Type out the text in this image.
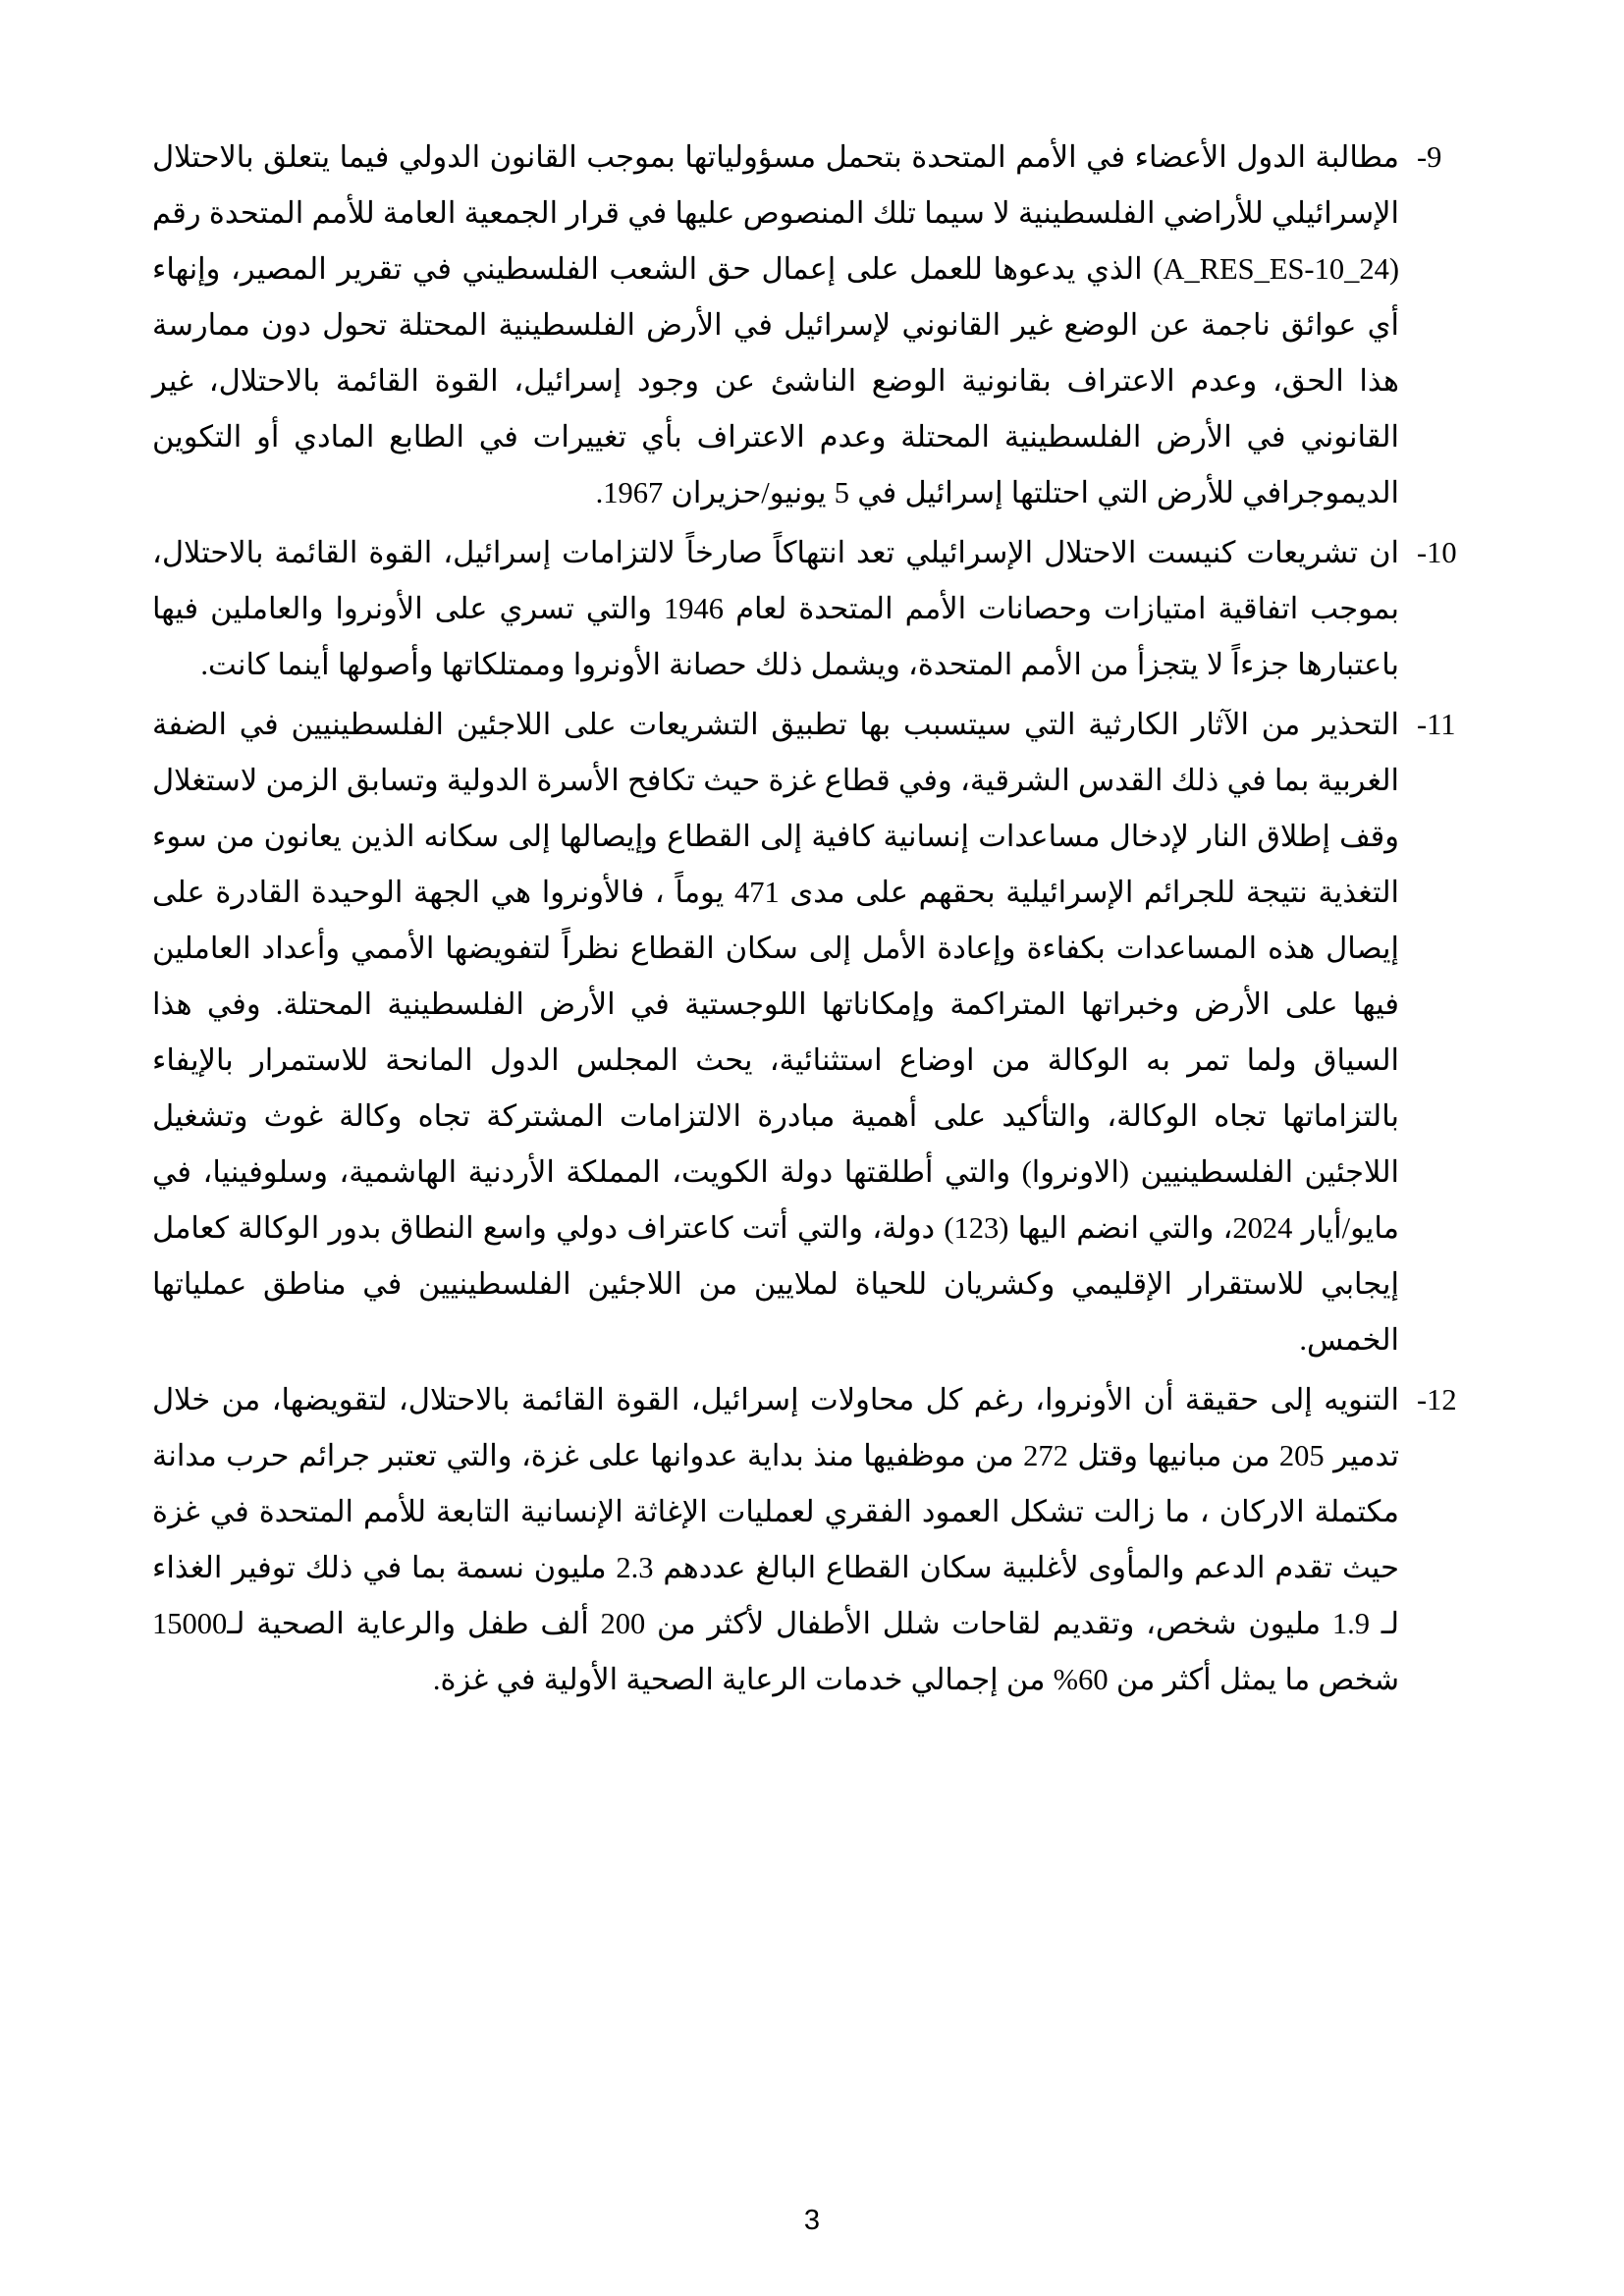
-9
مطالبة الدول الأعضاء في الأمم المتحدة بتحمل مسؤولياتها بموجب القانون الدولي فيما يتعلق بالاحتلال الإسرائيلي للأراضي الفلسطينية لا سيما تلك المنصوص عليها في قرار الجمعية العامة للأمم المتحدة رقم (A_RES_ES-10_24) الذي يدعوها للعمل على إعمال حق الشعب الفلسطيني في تقرير المصير، وإنهاء أي عوائق ناجمة عن الوضع غير القانوني لإسرائيل في الأرض الفلسطينية المحتلة تحول دون ممارسة هذا الحق، وعدم الاعتراف بقانونية الوضع الناشئ عن وجود إسرائيل، القوة القائمة بالاحتلال، غير القانوني في الأرض الفلسطينية المحتلة وعدم الاعتراف بأي تغييرات في الطابع المادي أو التكوين الديموجرافي للأرض التي احتلتها إسرائيل في 5 يونيو/حزيران 1967.
-10
ان تشريعات كنيست الاحتلال الإسرائيلي تعد انتهاكاً صارخاً لالتزامات إسرائيل، القوة القائمة بالاحتلال، بموجب اتفاقية امتيازات وحصانات الأمم المتحدة لعام 1946 والتي تسري على الأونروا والعاملين فيها باعتبارها جزءاً لا يتجزأ من الأمم المتحدة، ويشمل ذلك حصانة الأونروا وممتلكاتها وأصولها أينما كانت.
-11
التحذير من الآثار الكارثية التي سيتسبب بها تطبيق التشريعات على اللاجئين الفلسطينيين في الضفة الغربية بما في ذلك القدس الشرقية، وفي قطاع غزة حيث تكافح الأسرة الدولية وتسابق الزمن لاستغلال وقف إطلاق النار لإدخال مساعدات إنسانية كافية إلى القطاع وإيصالها إلى سكانه الذين يعانون من سوء التغذية نتيجة للجرائم الإسرائيلية بحقهم على مدى 471 يوماً ، فالأونروا هي الجهة الوحيدة القادرة على إيصال هذه المساعدات بكفاءة وإعادة الأمل إلى سكان القطاع نظراً لتفويضها الأممي وأعداد العاملين فيها على الأرض وخبراتها المتراكمة وإمكاناتها اللوجستية في الأرض الفلسطينية المحتلة. وفي هذا السياق ولما تمر به الوكالة من اوضاع استثنائية، يحث المجلس الدول المانحة للاستمرار بالإيفاء بالتزاماتها تجاه الوكالة، والتأكيد على أهمية مبادرة الالتزامات المشتركة تجاه وكالة غوث وتشغيل اللاجئين الفلسطينيين (الاونروا) والتي أطلقتها دولة الكويت، المملكة الأردنية الهاشمية، وسلوفينيا، في مايو/أيار 2024، والتي انضم اليها (123) دولة، والتي أتت كاعتراف دولي واسع النطاق بدور الوكالة كعامل إيجابي للاستقرار الإقليمي وكشريان للحياة لملايين من اللاجئين الفلسطينيين في مناطق عملياتها الخمس.
-12
التنويه إلى حقيقة أن الأونروا، رغم كل محاولات إسرائيل، القوة القائمة بالاحتلال، لتقويضها، من خلال تدمير 205 من مبانيها وقتل 272 من موظفيها منذ بداية عدوانها على غزة، والتي تعتبر جرائم حرب مدانة مكتملة الاركان ، ما زالت تشكل العمود الفقري لعمليات الإغاثة الإنسانية التابعة للأمم المتحدة في غزة حيث تقدم الدعم والمأوى لأغلبية سكان القطاع البالغ عددهم 2.3 مليون نسمة بما في ذلك توفير الغذاء لـ 1.9 مليون شخص، وتقديم لقاحات شلل الأطفال لأكثر من 200 ألف طفل والرعاية الصحية لـ15000 شخص ما يمثل أكثر من 60% من إجمالي خدمات الرعاية الصحية الأولية في غزة.
3
